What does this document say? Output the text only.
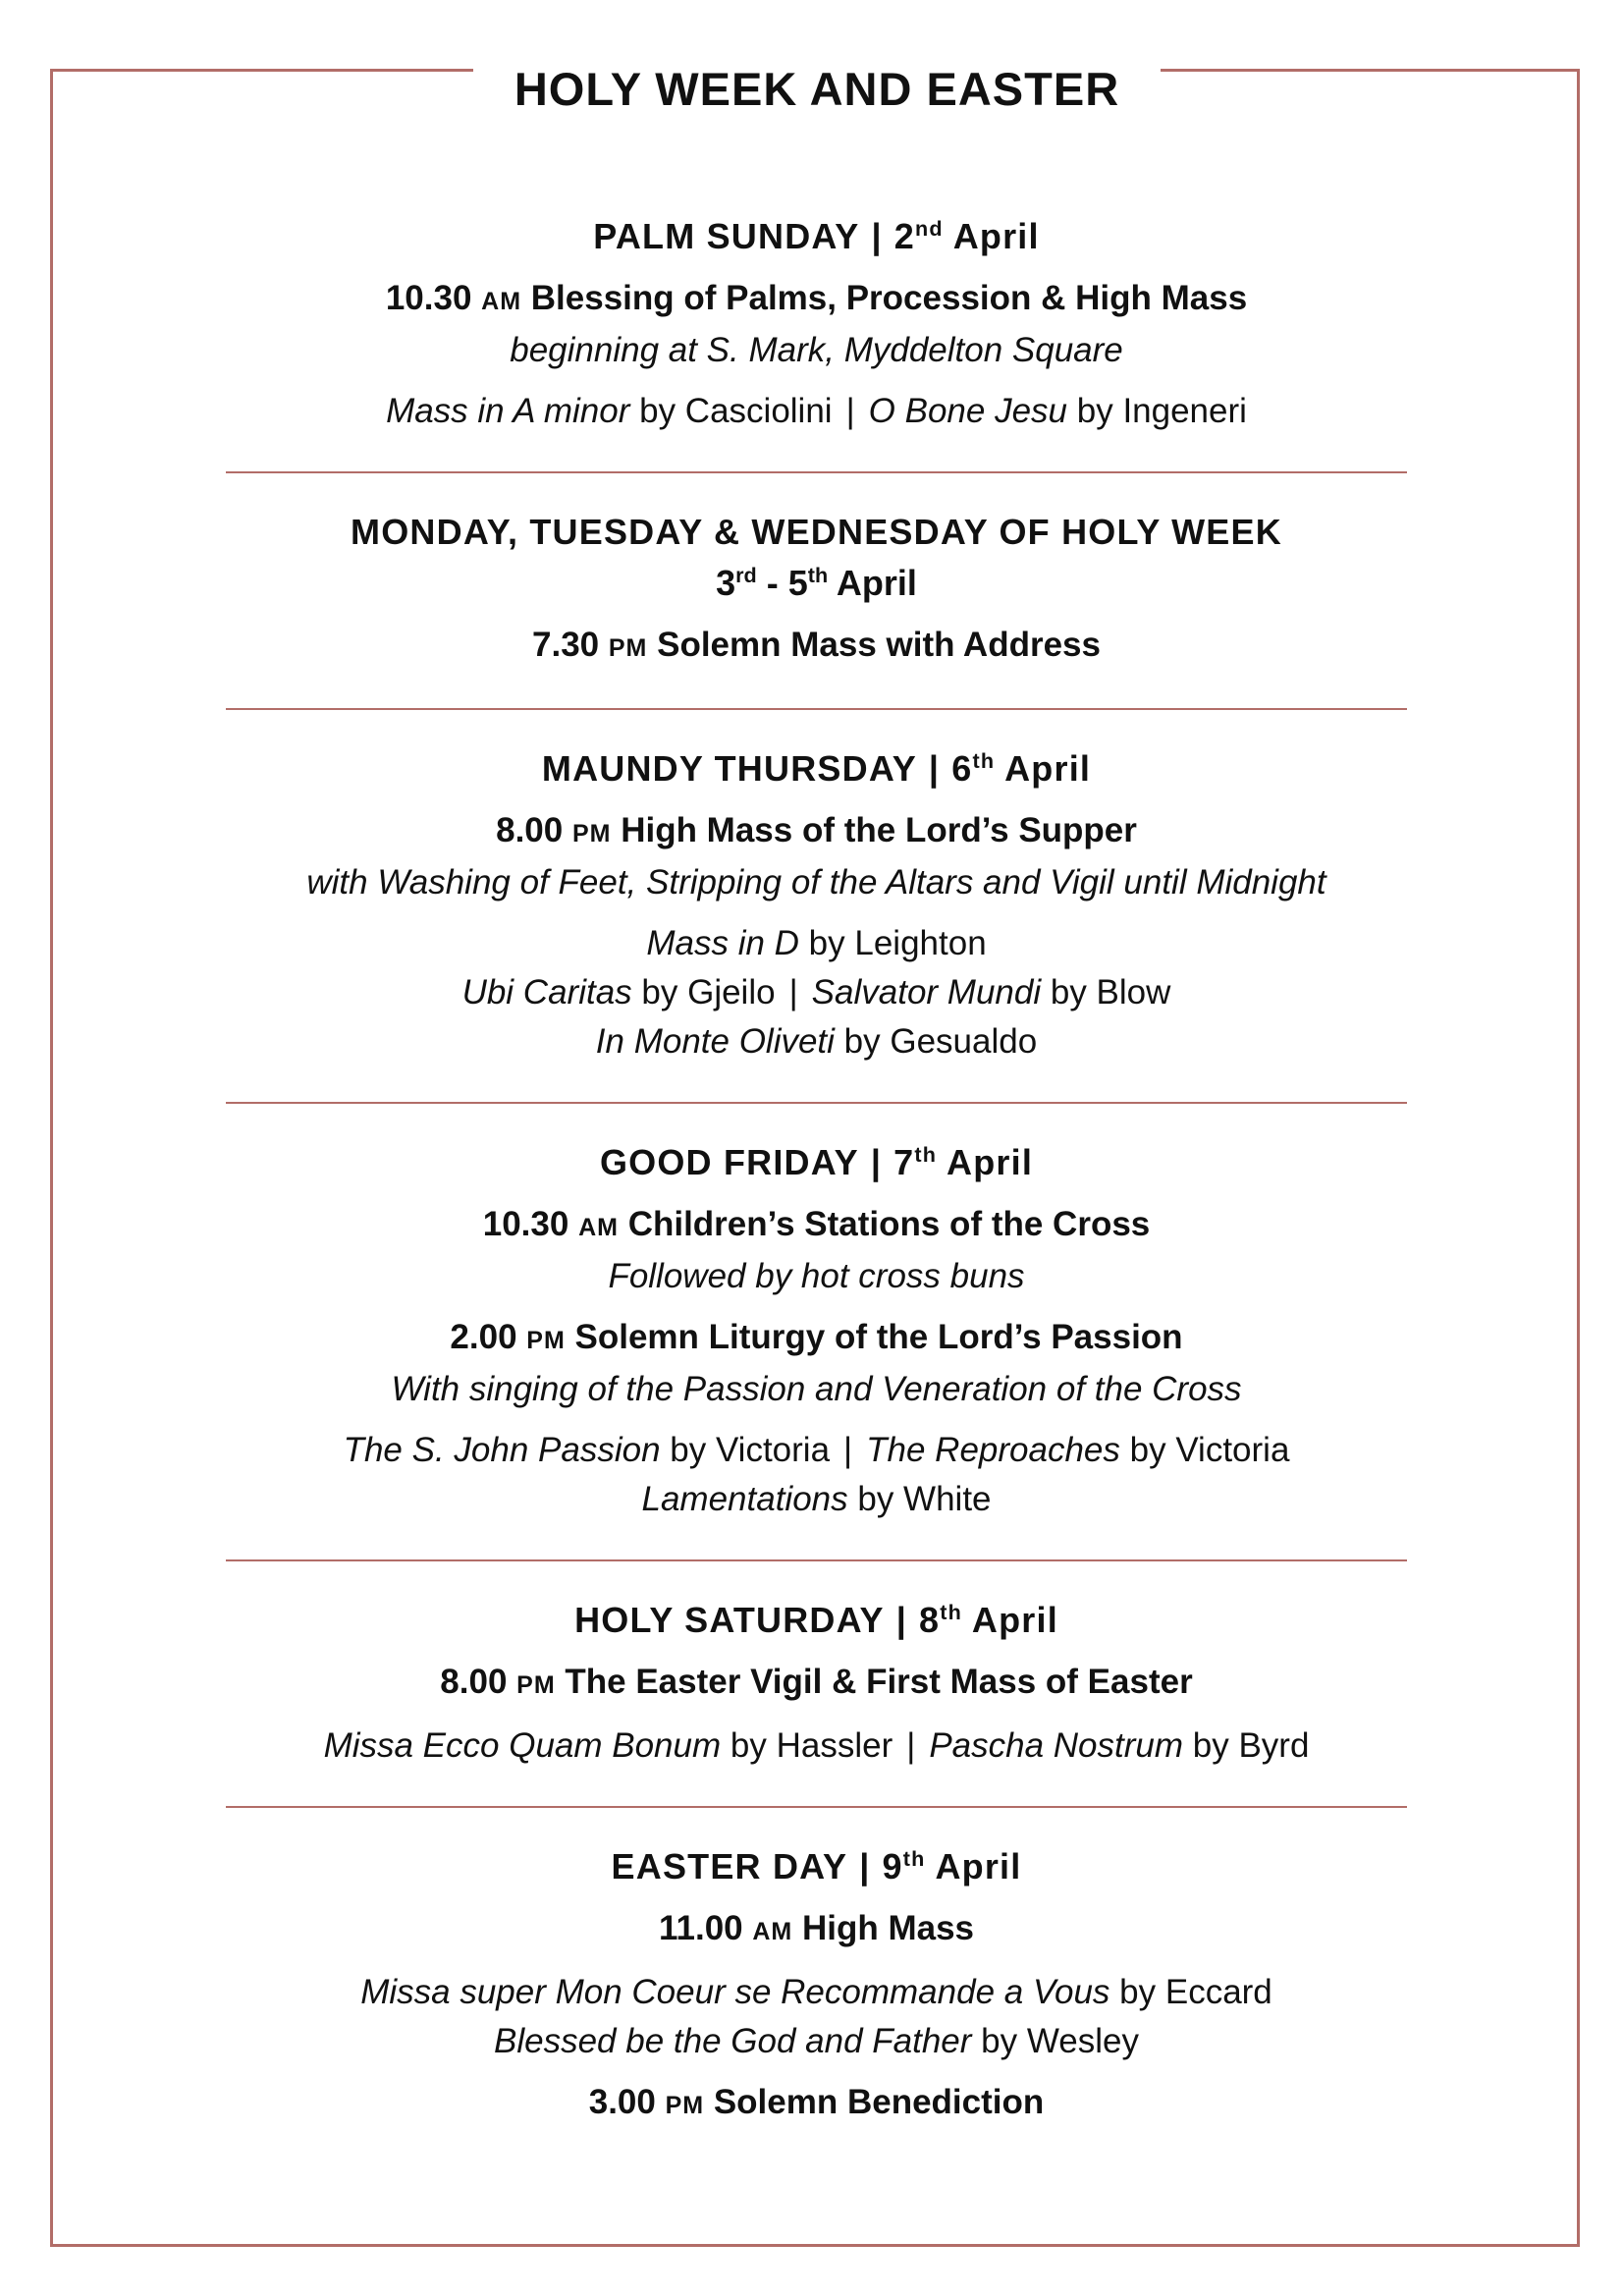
HOLY WEEK AND EASTER
PALM SUNDAY | 2nd April
10.30 AM Blessing of Palms, Procession & High Mass
beginning at S. Mark, Myddelton Square
Mass in A minor by Casciolini | O Bone Jesu by Ingeneri
MONDAY, TUESDAY & WEDNESDAY OF HOLY WEEK
3rd - 5th April
7.30 PM Solemn Mass with Address
MAUNDY THURSDAY | 6th April
8.00 PM High Mass of the Lord’s Supper
with Washing of Feet, Stripping of the Altars and Vigil until Midnight
Mass in D by Leighton
Ubi Caritas by Gjeilo | Salvator Mundi by Blow
In Monte Oliveti by Gesualdo
GOOD FRIDAY | 7th April
10.30 AM Children’s Stations of the Cross
Followed by hot cross buns
2.00 PM Solemn Liturgy of the Lord’s Passion
With singing of the Passion and Veneration of the Cross
The S. John Passion by Victoria | The Reproaches by Victoria
Lamentations by White
HOLY SATURDAY | 8th April
8.00 PM The Easter Vigil & First Mass of Easter
Missa Ecco Quam Bonum by Hassler | Pascha Nostrum by Byrd
EASTER DAY | 9th April
11.00 AM High Mass
Missa super Mon Coeur se Recommande a Vous by Eccard
Blessed be the God and Father by Wesley
3.00 PM Solemn Benediction
